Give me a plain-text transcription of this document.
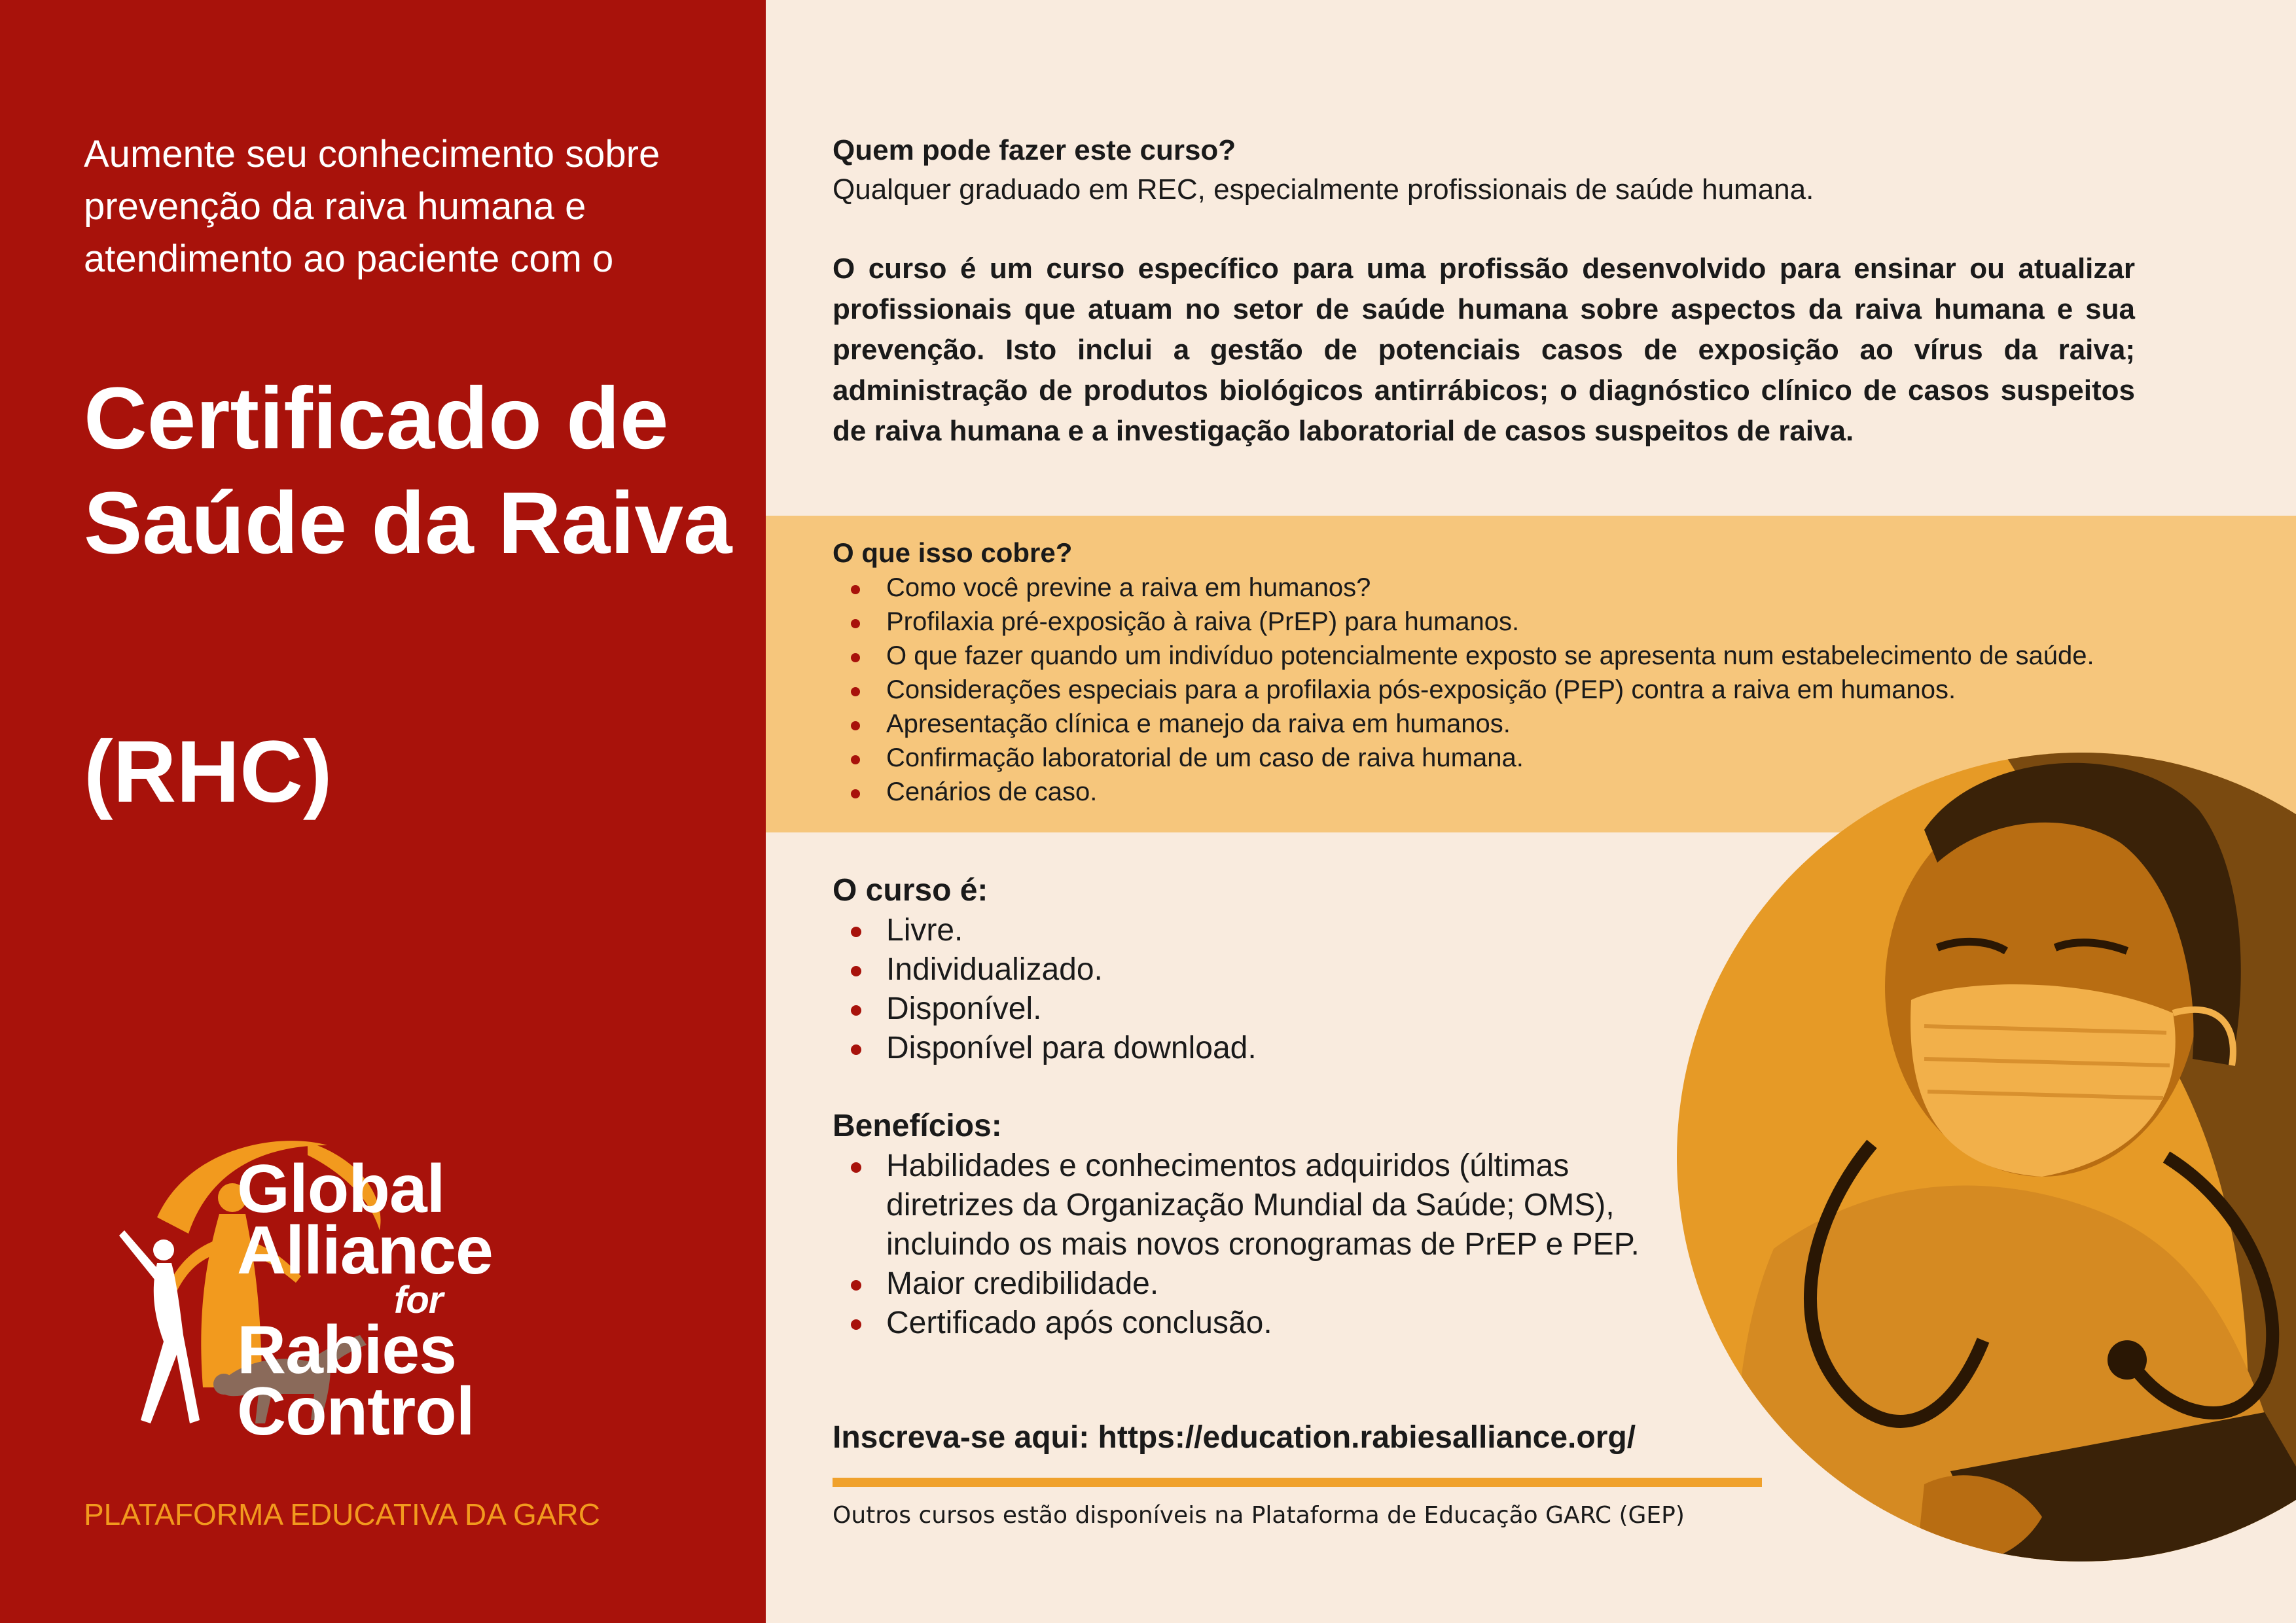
Aumente seu conhecimento sobre prevenção da raiva humana e atendimento ao paciente com o
Certificado de Saúde da Raiva
(RHC)
Global
Alliance
for
Rabies
Control
PLATAFORMA EDUCATIVA DA GARC
Quem pode fazer este curso?
Qualquer graduado em REC, especialmente profissionais de saúde humana.
O curso é um curso específico para uma profissão desenvolvido para ensinar ou atualizar profissionais que atuam no setor de saúde humana sobre aspectos da raiva humana e sua prevenção. Isto inclui a gestão de potenciais casos de exposição ao vírus da raiva; administração de produtos biológicos antirrábicos; o diagnóstico clínico de casos suspeitos de raiva humana e a investigação laboratorial de casos suspeitos de raiva.
O que isso cobre?
Como você previne a raiva em humanos?
Profilaxia pré-exposição à raiva (PrEP) para humanos.
O que fazer quando um indivíduo potencialmente exposto se apresenta num estabelecimento de saúde.
Considerações especiais para a profilaxia pós-exposição (PEP) contra a raiva em humanos.
Apresentação clínica e manejo da raiva em humanos.
Confirmação laboratorial de um caso de raiva humana.
Cenários de caso.
O curso é:
Livre.
Individualizado.
Disponível.
Disponível para download.
Benefícios:
Habilidades e conhecimentos adquiridos (últimas diretrizes da Organização Mundial da Saúde; OMS), incluindo os mais novos cronogramas de PrEP e PEP.
Maior credibilidade.
Certificado após conclusão.
Inscreva-se aqui: https://education.rabiesalliance.org/
Outros cursos estão disponíveis na Plataforma de Educação GARC (GEP)
